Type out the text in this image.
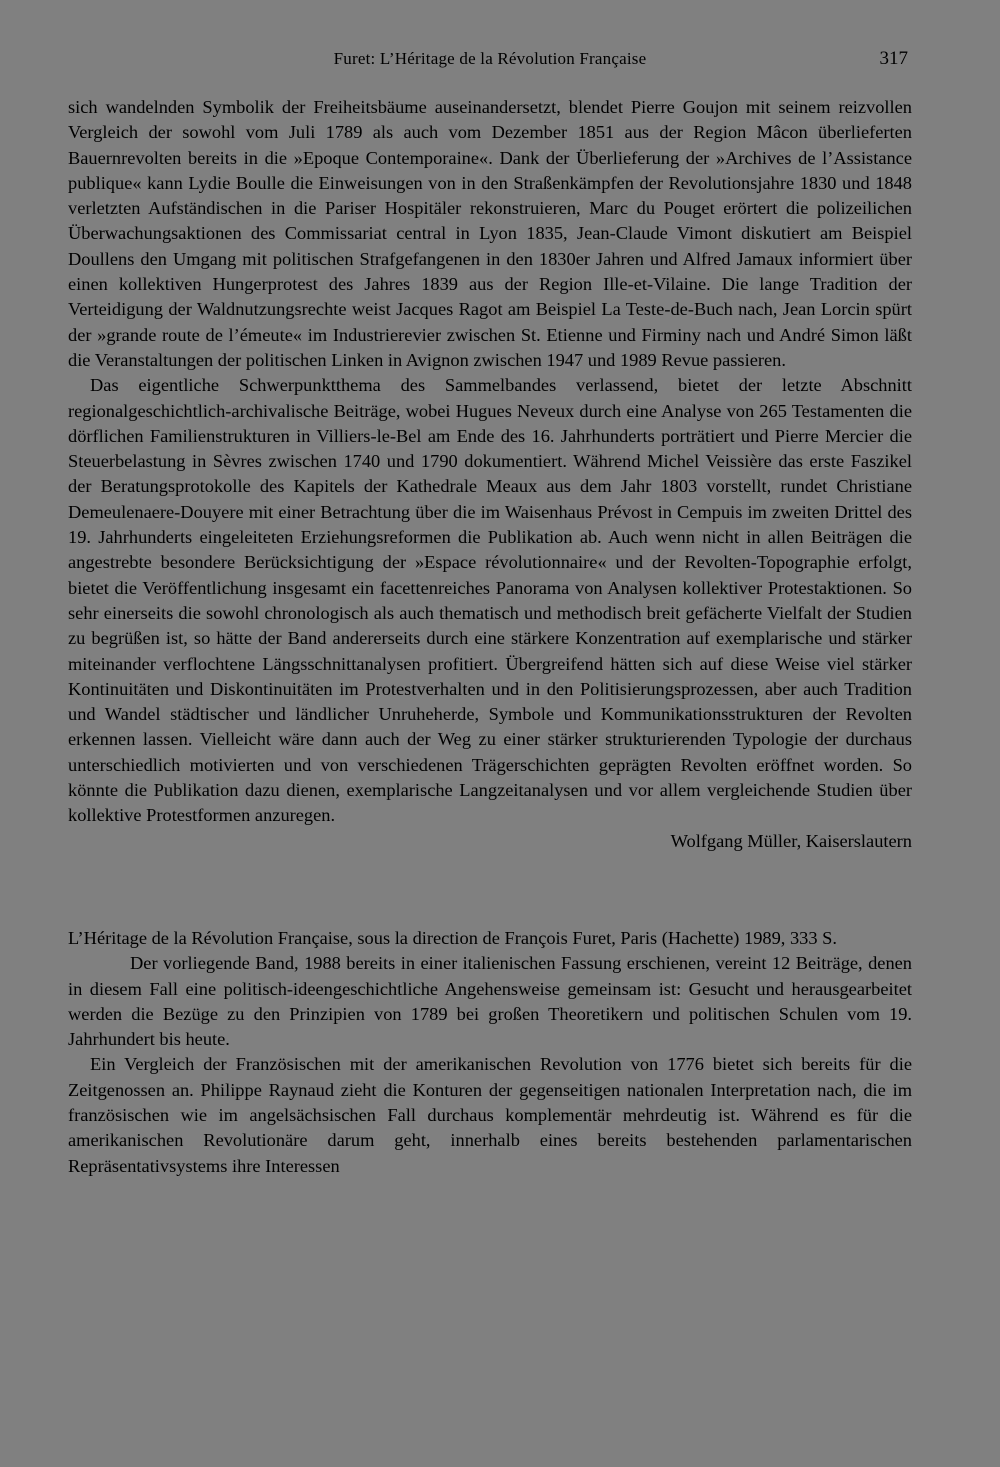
Furet: L’Héritage de la Révolution Française	317

sich wandelnden Symbolik der Freiheitsbäume auseinandersetzt, blendet Pierre Goujon mit seinem reizvollen Vergleich der sowohl vom Juli 1789 als auch vom Dezember 1851 aus der Region Mâcon überlieferten Bauernrevolten bereits in die »Epoque Contemporaine«. Dank der Überlieferung der »Archives de l’Assistance publique« kann Lydie Boulle die Einweisungen von in den Straßenkämpfen der Revolutionsjahre 1830 und 1848 verletzten Aufständischen in die Pariser Hospitäler rekonstruieren, Marc du Pouget erörtert die polizeilichen Überwachungsaktionen des Commissariat central in Lyon 1835, Jean-Claude Vimont diskutiert am Beispiel Doullens den Umgang mit politischen Strafgefangenen in den 1830er Jahren und Alfred Jamaux informiert über einen kollektiven Hungerprotest des Jahres 1839 aus der Region Ille-et-Vilaine. Die lange Tradition der Verteidigung der Waldnutzungsrechte weist Jacques Ragot am Beispiel La Teste-de-Buch nach, Jean Lorcin spürt der »grande route de l’émeute« im Industrierevier zwischen St. Etienne und Firminy nach und André Simon läßt die Veranstaltungen der politischen Linken in Avignon zwischen 1947 und 1989 Revue passieren.

Das eigentliche Schwerpunktthema des Sammelbandes verlassend, bietet der letzte Abschnitt regionalgeschichtlich-archivalische Beiträge, wobei Hugues Neveux durch eine Analyse von 265 Testamenten die dörflichen Familienstrukturen in Villiers-le-Bel am Ende des 16. Jahrhunderts porträtiert und Pierre Mercier die Steuerbelastung in Sèvres zwischen 1740 und 1790 dokumentiert. Während Michel Veissière das erste Faszikel der Beratungsprotokolle des Kapitels der Kathedrale Meaux aus dem Jahr 1803 vorstellt, rundet Christiane Demeulenaere-Douyere mit einer Betrachtung über die im Waisenhaus Prévost in Cempuis im zweiten Drittel des 19. Jahrhunderts eingeleiteten Erziehungsreformen die Publikation ab. Auch wenn nicht in allen Beiträgen die angestrebte besondere Berücksichtigung der »Espace révolutionnaire« und der Revolten-Topographie erfolgt, bietet die Veröffentlichung insgesamt ein facettenreiches Panorama von Analysen kollektiver Protestaktionen. So sehr einerseits die sowohl chronologisch als auch thematisch und methodisch breit gefächerte Vielfalt der Studien zu begrüßen ist, so hätte der Band andererseits durch eine stärkere Konzentration auf exemplarische und stärker miteinander verflochtene Längsschnittanalysen profitiert. Übergreifend hätten sich auf diese Weise viel stärker Kontinuitäten und Diskontinuitäten im Protestverhalten und in den Politisierungsprozessen, aber auch Tradition und Wandel städtischer und ländlicher Unruheherde, Symbole und Kommunikationsstrukturen der Revolten erkennen lassen. Vielleicht wäre dann auch der Weg zu einer stärker strukturierenden Typologie der durchaus unterschiedlich motivierten und von verschiedenen Trägerschichten geprägten Revolten eröffnet worden. So könnte die Publikation dazu dienen, exemplarische Langzeitanalysen und vor allem vergleichende Studien über kollektive Protestformen anzuregen.

Wolfgang Müller, Kaiserslautern

L’Héritage de la Révolution Française, sous la direction de François Furet, Paris (Hachette) 1989, 333 S.

Der vorliegende Band, 1988 bereits in einer italienischen Fassung erschienen, vereint 12 Beiträge, denen in diesem Fall eine politisch-ideengeschichtliche Angehensweise gemeinsam ist: Gesucht und herausgearbeitet werden die Bezüge zu den Prinzipien von 1789 bei großen Theoretikern und politischen Schulen vom 19. Jahrhundert bis heute.

Ein Vergleich der Französischen mit der amerikanischen Revolution von 1776 bietet sich bereits für die Zeitgenossen an. Philippe Raynaud zieht die Konturen der gegenseitigen nationalen Interpretation nach, die im französischen wie im angelsächsischen Fall durchaus komplementär mehrdeutig ist. Während es für die amerikanischen Revolutionäre darum geht, innerhalb eines bereits bestehenden parlamentarischen Repräsentativsystems ihre Interessen
